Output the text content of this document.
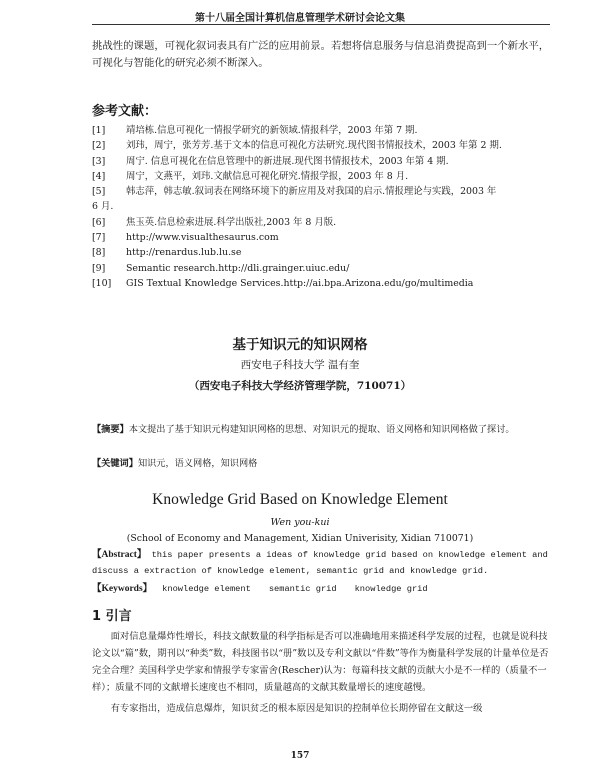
第十八届全国计算机信息管理学术研讨会论文集
挑战性的课题，可视化叙词表具有广泛的应用前景。若想将信息服务与信息消费提高到一个新水平，可视化与智能化的研究必须不断深入。
参考文献：
[1] 靖培栋.信息可视化一情报学研究的新领域.情报科学，2003 年第 7 期.
[2] 刘玮，周宁，张芳芳.基于文本的信息可视化方法研究.现代图书情报技术，2003 年第 2 期.
[3] 周宁. 信息可视化在信息管理中的新进展.现代图书情报技术，2003 年第 4 期.
[4] 周宁，文燕平，刘玮.文献信息可视化研究.情报学报，2003 年 8 月.
[5] 韩志萍，韩志敏.叙词表在网络环境下的新应用及对我国的启示.情报理论与实践，2003 年
6 月.
[6] 焦玉英.信息检索进展.科学出版社,2003 年 8 月版.
[7] http://www.visualthesaurus.com
[8] http://renardus.lub.lu.se
[9] Semantic research.http://dli.grainger.uiuc.edu/
[10] GIS Textual Knowledge Services.http://ai.bpa.Arizona.edu/go/multimedia
基于知识元的知识网格
西安电子科技大学 温有奎
（西安电子科技大学经济管理学院，710071）
【摘要】本文提出了基于知识元构建知识网格的思想、对知识元的提取、语义网格和知识网格做了探讨。
【关键词】知识元，语义网格，知识网格
Knowledge Grid Based on Knowledge Element
Wen you-kui
(School of Economy and Management, Xidian Univerisity, Xidian 710071)
【Abstract】 this paper presents a ideas of knowledge grid based on knowledge element and discuss a extraction of knowledge element, semantic grid and knowledge grid.
【Keywords】 knowledge element semantic grid knowledge grid
1 引言

面对信息量爆炸性增长，科技文献数量的科学指标是否可以准确地用来描述科学发展的过程，也就是说科技论文以“篇”数，期刊以“种类”数，科技图书以“册”数以及专利文献以“件数”等作为衡量科学发展的计量单位是否完全合理？美国科学史学家和情报学专家雷舍(Rescher)认为：每篇科技文献的贡献大小是不一样的（质量不一样）；质量不同的文献增长速度也不相同，质量越高的文献其数量增长的速度越慢。

有专家指出，造成信息爆炸，知识贫乏的根本原因是知识的控制单位长期停留在文献这一级

157
